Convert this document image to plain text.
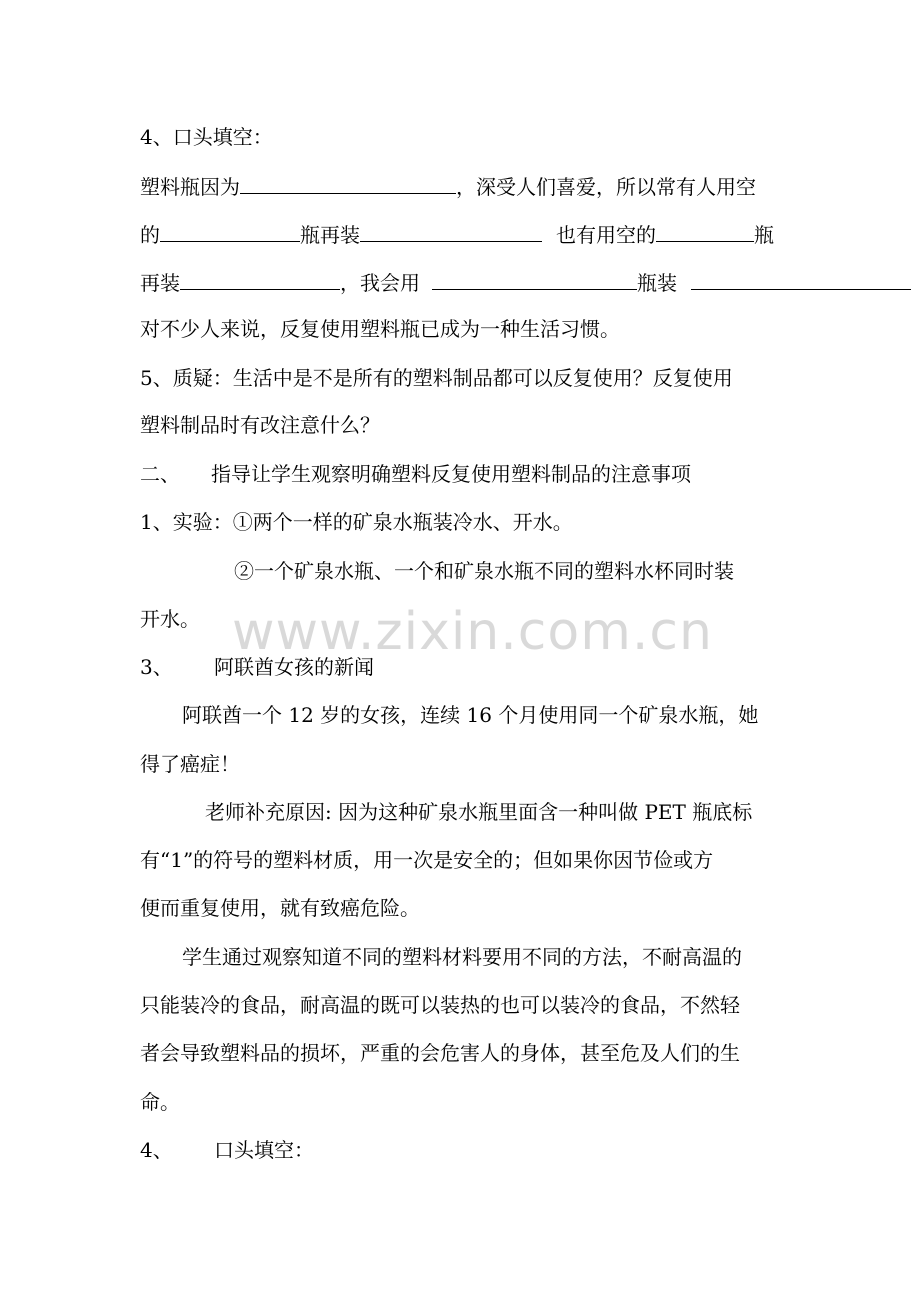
www.zixin.com.cn
4、口头填空：
塑料瓶因为	，深受人们喜爱，所以常有人用空
的	瓶再装	也有用空的	瓶
再装	，我会用	瓶装
对不少人来说，反复使用塑料瓶已成为一种生活习惯。
5、质疑：生活中是不是所有的塑料制品都可以反复使用？反复使用
塑料制品时有改注意什么？
二、 指导让学生观察明确塑料反复使用塑料制品的注意事项
1、实验：①两个一样的矿泉水瓶装冷水、开水。
②一个矿泉水瓶、一个和矿泉水瓶不同的塑料水杯同时装
开水。
3、 阿联酋女孩的新闻
阿联酋一个 12 岁的女孩，连续 16 个月使用同一个矿泉水瓶，她
得了癌症！
老师补充原因: 因为这种矿泉水瓶里面含一种叫做 PET 瓶底标
有“1”的符号的塑料材质，用一次是安全的；但如果你因节俭或方
便而重复使用，就有致癌危险。
学生通过观察知道不同的塑料材料要用不同的方法，不耐高温的
只能装冷的食品，耐高温的既可以装热的也可以装冷的食品，不然轻
者会导致塑料品的损坏，严重的会危害人的身体，甚至危及人们的生
命。
4、 口头填空：
